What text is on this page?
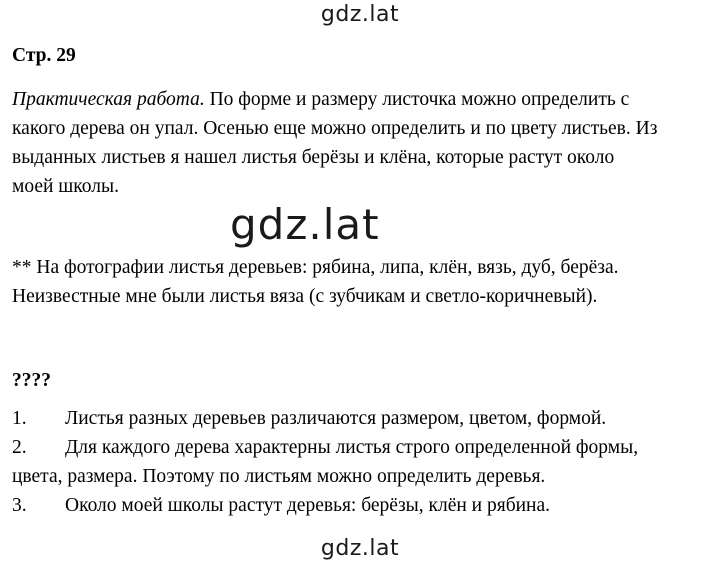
gdz.lat
Стр. 29
Практическая работа. По форме и размеру листочка можно определить с
какого дерева он упал. Осенью еще можно определить и по цвету листьев. Из
выданных листьев я нашел листья берёзы и клёна, которые растут около
моей школы.
gdz.lat
** На фотографии листья деревьев: рябина, липа, клён, вязь, дуб, берёза.
Неизвестные мне были листья вяза (с зубчикам и светло-коричневый).
????
1. Листья разных деревьев различаются размером, цветом, формой.
2. Для каждого дерева характерны листья строго определенной формы,
цвета, размера. Поэтому по листьям можно определить деревья.
3. Около моей школы растут деревья: берёзы, клён и рябина.
gdz.lat
